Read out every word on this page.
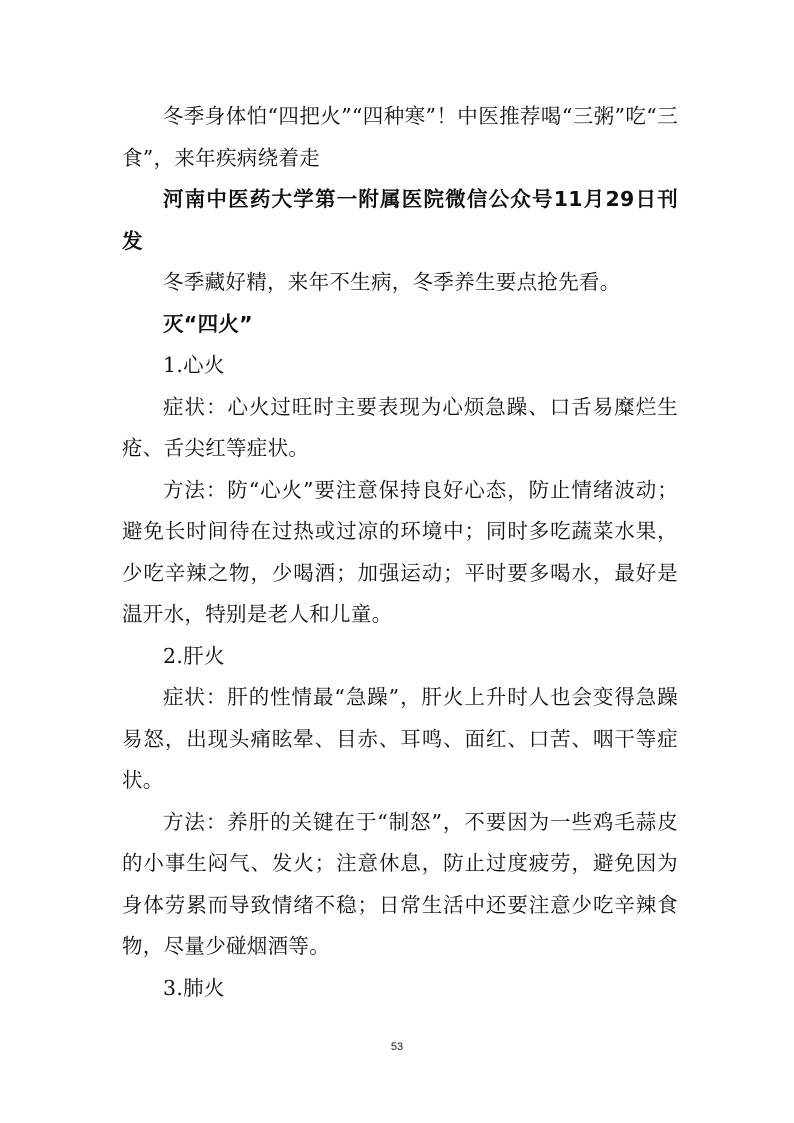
冬季身体怕“四把火”“四种寒”！中医推荐喝“三粥”吃“三食”，来年疾病绕着走

河南中医药大学第一附属医院微信公众号11月29日刊发

冬季藏好精，来年不生病，冬季养生要点抢先看。

灭“四火”

1.心火

症状：心火过旺时主要表现为心烦急躁、口舌易糜烂生疮、舌尖红等症状。

方法：防“心火”要注意保持良好心态，防止情绪波动；避免长时间待在过热或过凉的环境中；同时多吃蔬菜水果，少吃辛辣之物，少喝酒；加强运动；平时要多喝水，最好是温开水，特别是老人和儿童。

2.肝火

症状：肝的性情最“急躁”，肝火上升时人也会变得急躁易怒，出现头痛眩晕、目赤、耳鸣、面红、口苦、咽干等症状。

方法：养肝的关键在于“制怒”，不要因为一些鸡毛蒜皮的小事生闷气、发火；注意休息，防止过度疲劳，避免因为身体劳累而导致情绪不稳；日常生活中还要注意少吃辛辣食物，尽量少碰烟酒等。

3.肺火

53
